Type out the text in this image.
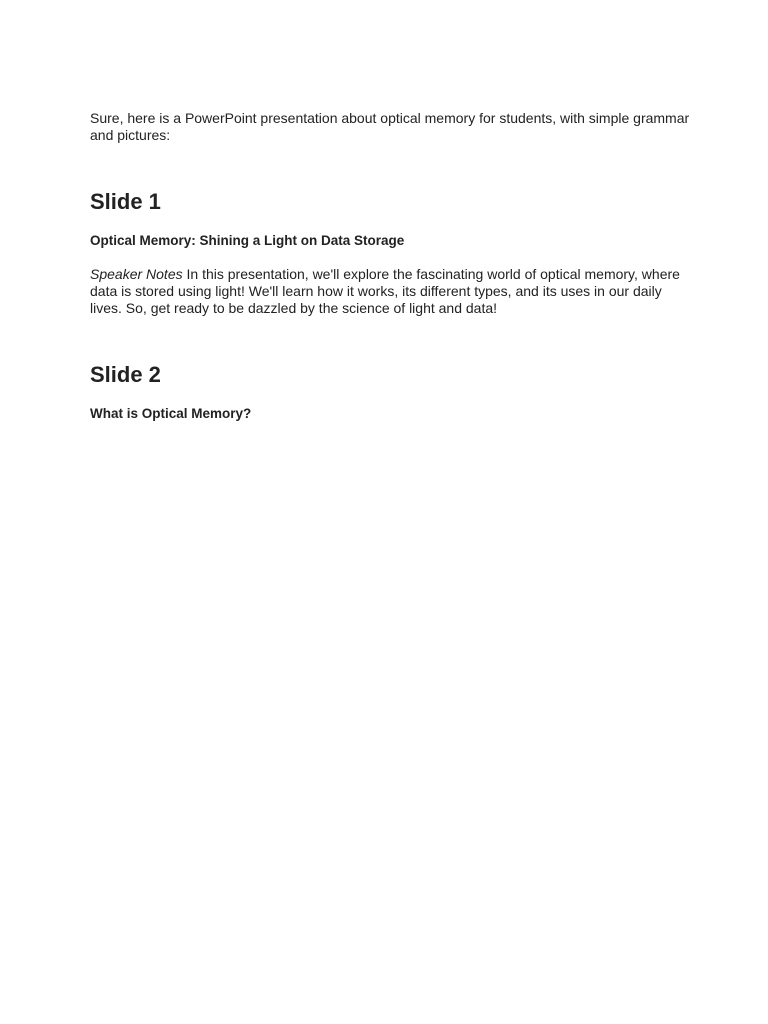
Sure, here is a PowerPoint presentation about optical memory for students, with simple grammar and pictures:

Slide 1

Optical Memory: Shining a Light on Data Storage

Speaker Notes In this presentation, we'll explore the fascinating world of optical memory, where data is stored using light! We'll learn how it works, its different types, and its uses in our daily lives. So, get ready to be dazzled by the science of light and data!

Slide 2

What is Optical Memory?
